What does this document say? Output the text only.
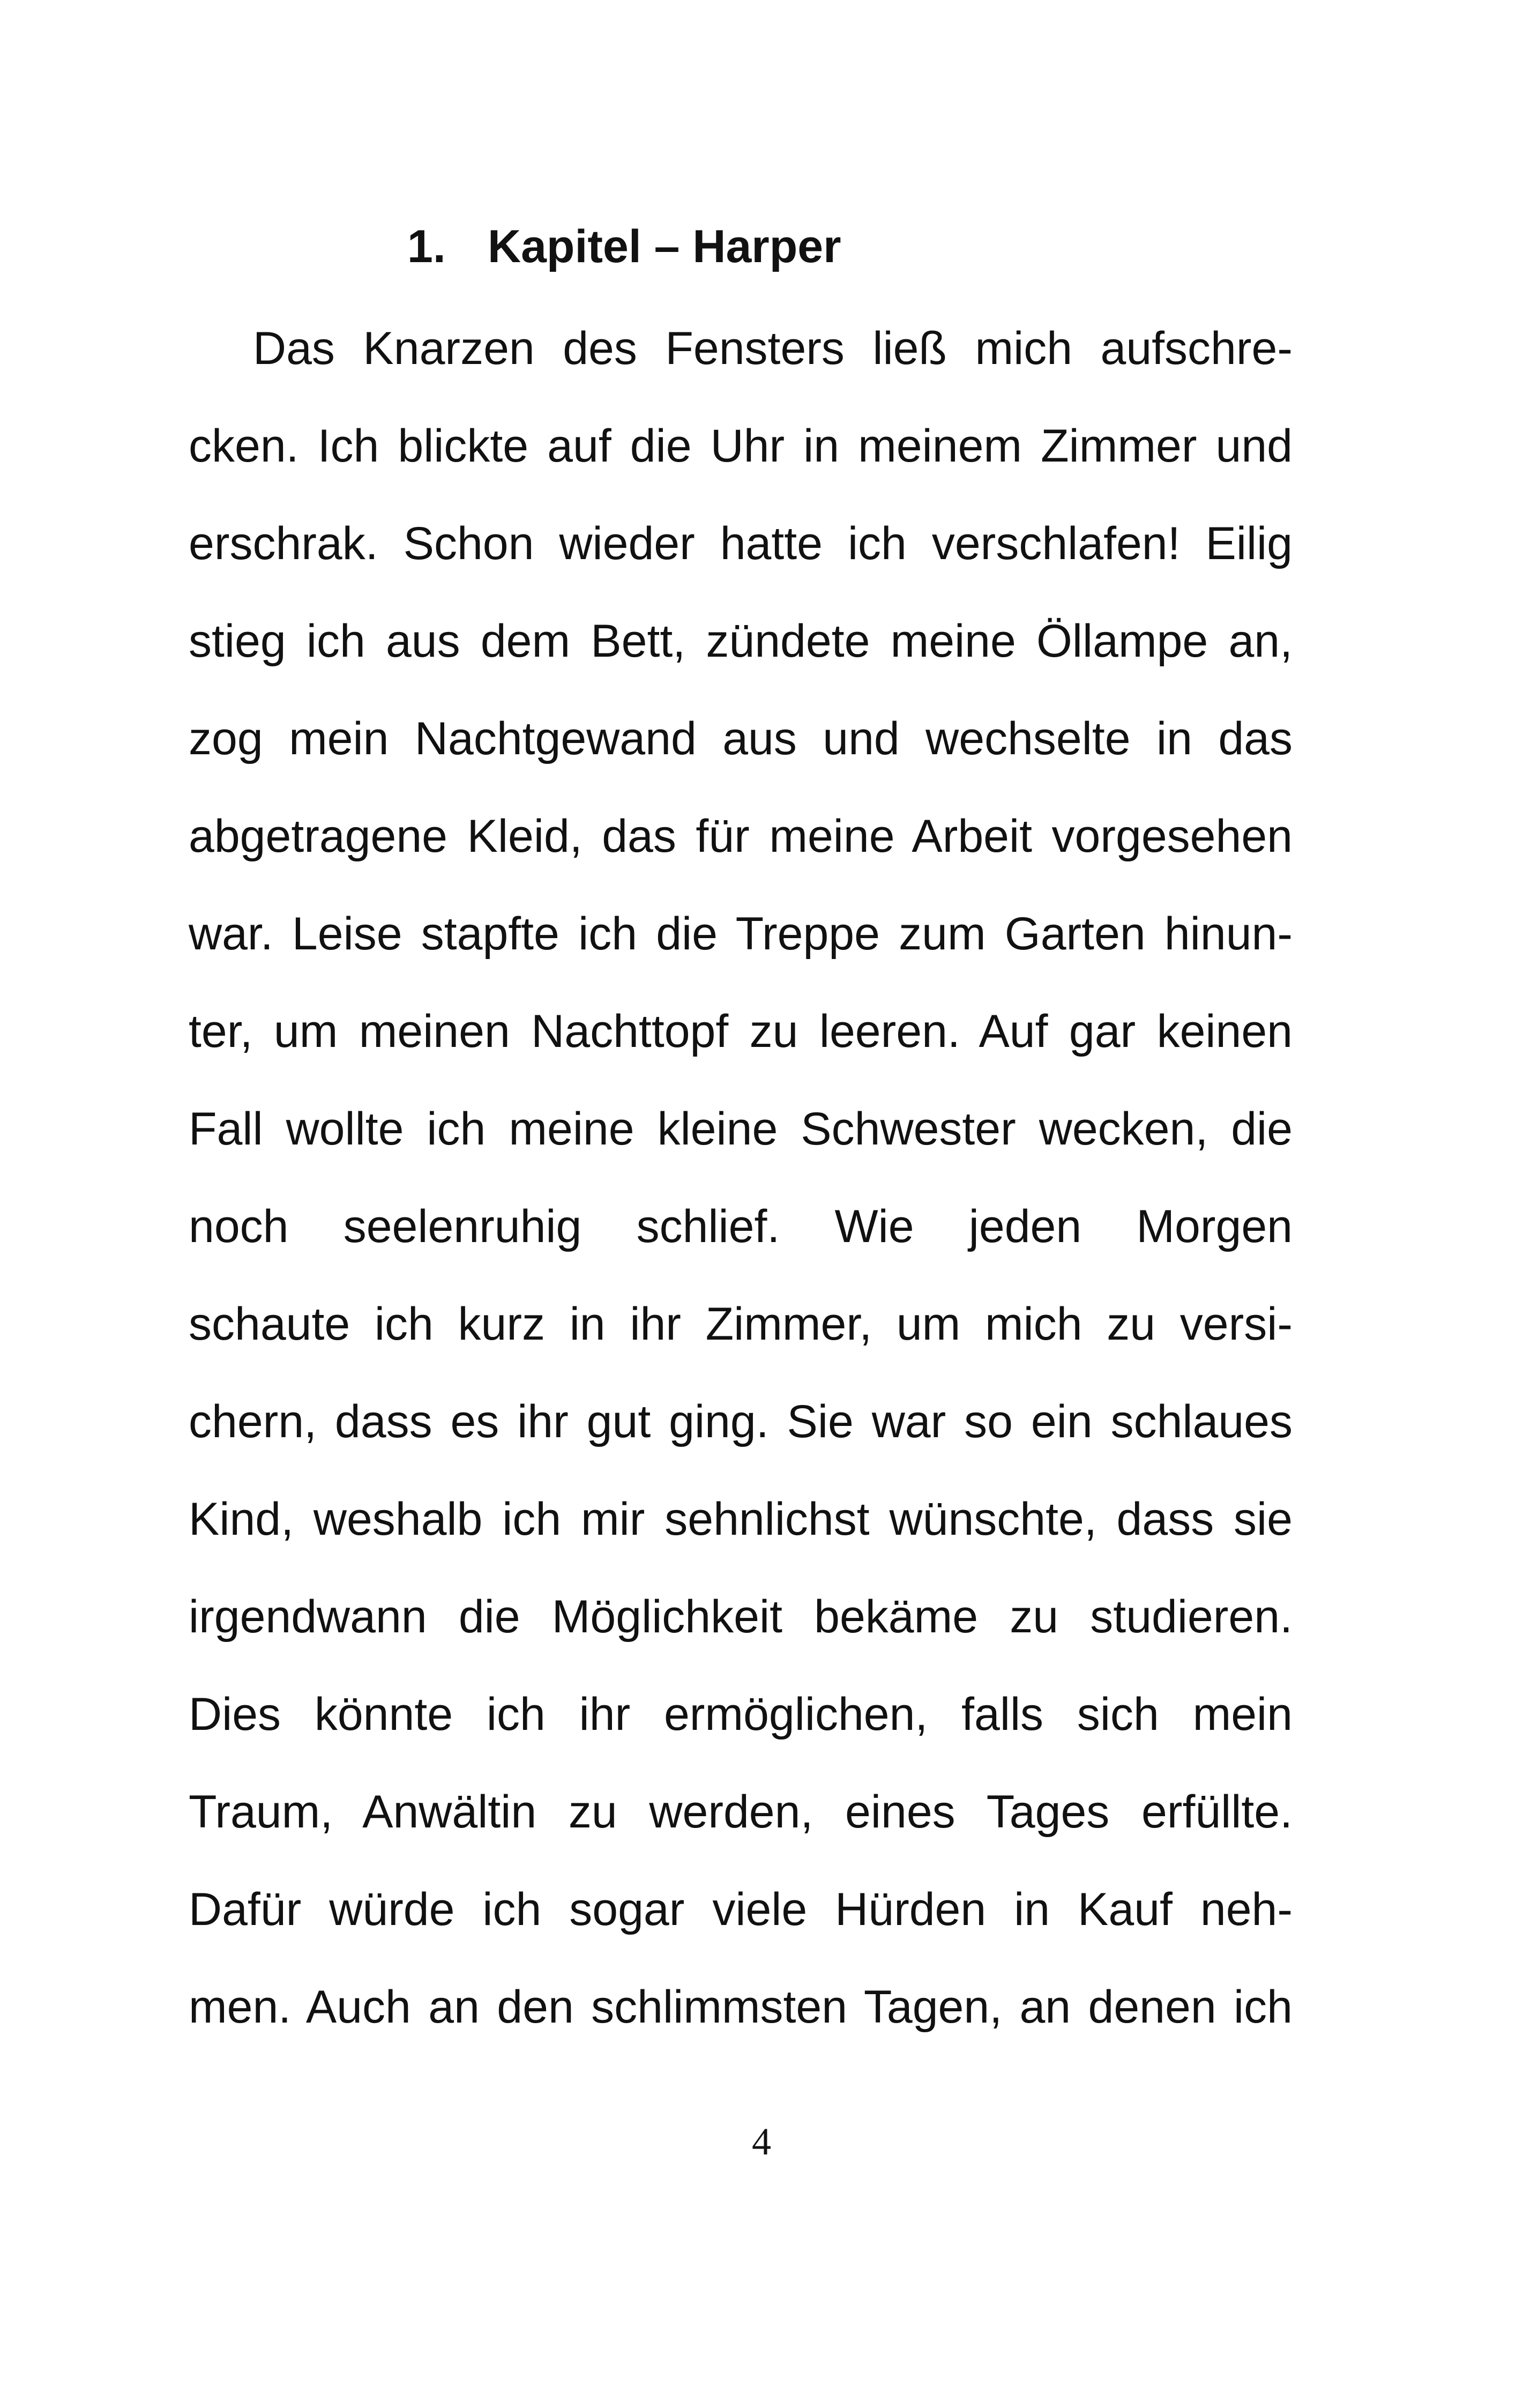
1. Kapitel – Harper
Das Knarzen des Fensters ließ mich aufschre-
cken. Ich blickte auf die Uhr in meinem Zimmer und
erschrak. Schon wieder hatte ich verschlafen! Eilig
stieg ich aus dem Bett, zündete meine Öllampe an,
zog mein Nachtgewand aus und wechselte in das
abgetragene Kleid, das für meine Arbeit vorgesehen
war. Leise stapfte ich die Treppe zum Garten hinun-
ter, um meinen Nachttopf zu leeren. Auf gar keinen
Fall wollte ich meine kleine Schwester wecken, die
noch seelenruhig schlief. Wie jeden Morgen
schaute ich kurz in ihr Zimmer, um mich zu versi-
chern, dass es ihr gut ging. Sie war so ein schlaues
Kind, weshalb ich mir sehnlichst wünschte, dass sie
irgendwann die Möglichkeit bekäme zu studieren.
Dies könnte ich ihr ermöglichen, falls sich mein
Traum, Anwältin zu werden, eines Tages erfüllte.
Dafür würde ich sogar viele Hürden in Kauf neh-
men. Auch an den schlimmsten Tagen, an denen ich
4
